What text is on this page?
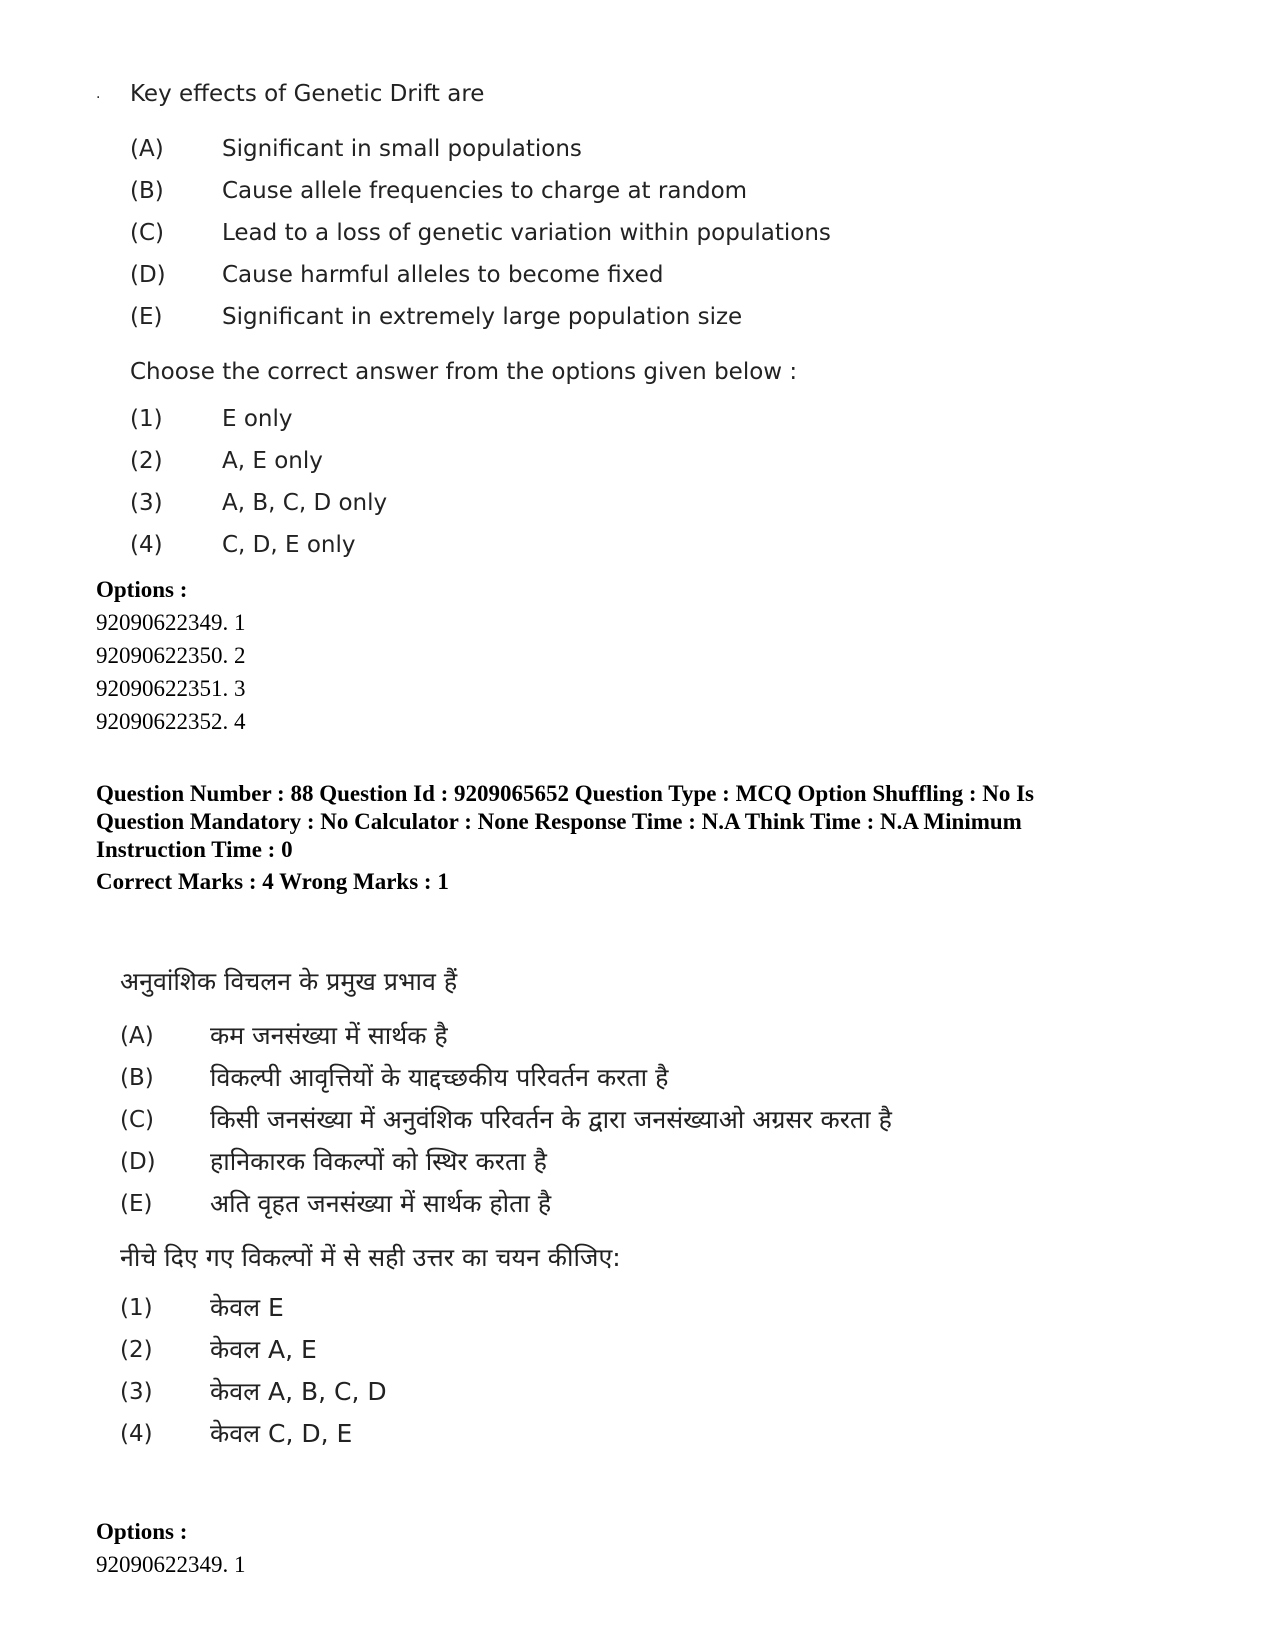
. Key effects of Genetic Drift are
(A)	Significant in small populations
(B)	Cause allele frequencies to charge at random
(C)	Lead to a loss of genetic variation within populations
(D)	Cause harmful alleles to become fixed
(E)	Significant in extremely large population size
Choose the correct answer from the options given below :
(1)	E only
(2)	A, E only
(3)	A, B, C, D only
(4)	C, D, E only
Options :
92090622349. 1
92090622350. 2
92090622351. 3
92090622352. 4
Question Number : 88 Question Id : 9209065652 Question Type : MCQ Option Shuffling : No Is
Question Mandatory : No Calculator : None Response Time : N.A Think Time : N.A Minimum
Instruction Time : 0
Correct Marks : 4 Wrong Marks : 1
अनुवांशिक विचलन के प्रमुख प्रभाव हैं
(A)	कम जनसंख्या में सार्थक है
(B)	विकल्पी आवृत्तियों के याद्दच्छकीय परिवर्तन करता है
(C)	किसी जनसंख्या में अनुवंशिक परिवर्तन के द्वारा जनसंख्याओ अग्रसर करता है
(D)	हानिकारक विकल्पों को स्थिर करता है
(E)	अति वृहत जनसंख्या में सार्थक होता है
नीचे दिए गए विकल्पों में से सही उत्तर का चयन कीजिए:
(1)	केवल E
(2)	केवल A, E
(3)	केवल A, B, C, D
(4)	केवल C, D, E
Options :
92090622349. 1
